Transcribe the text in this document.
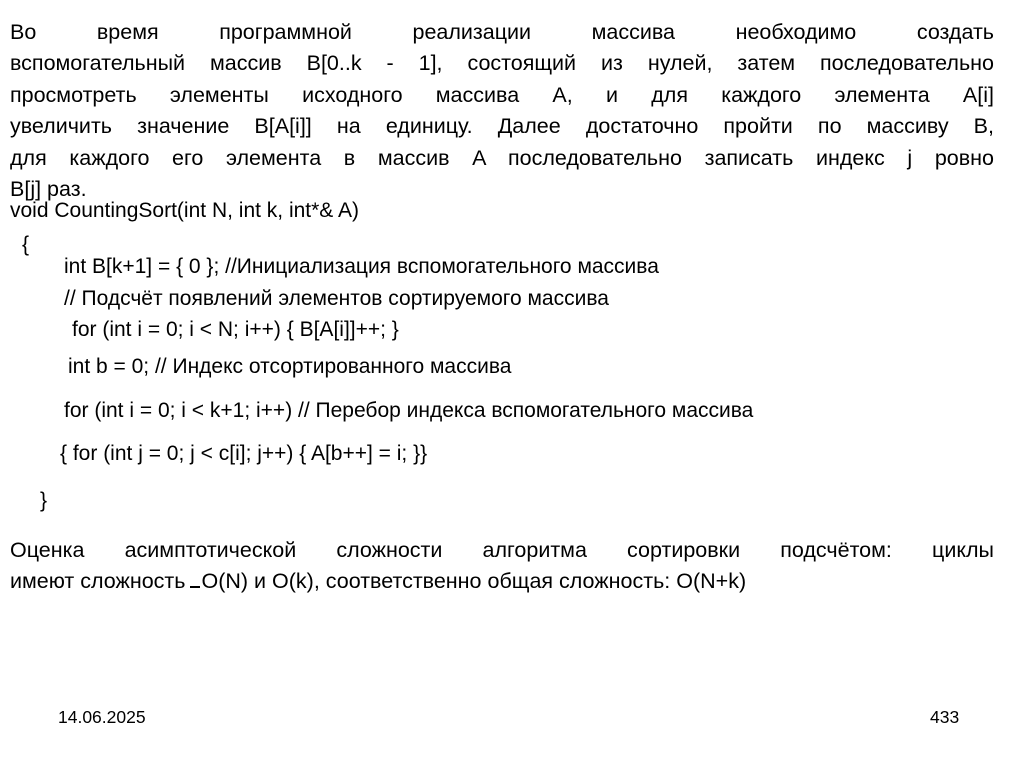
Во время программной реализации массива необходимо создать
вспомогательный массив B[0..k - 1], состоящий из нулей, затем последовательно
просмотреть элементы исходного массива A, и для каждого элемента A[i]
увеличить значение B[A[i]] на единицу. Далее достаточно пройти по массиву B,
для каждого его элемента в массив A последовательно записать индекс j ровно
B[j] раз.
void CountingSort(int N, int k, int*& A)
{
int B[k+1] = { 0 }; //Инициализация вспомогательного массива
// Подсчёт появлений элементов сортируемого массива
for (int i = 0; i < N; i++) { B[A[i]]++; }
int b = 0; // Индекс отсортированного массива
for (int i = 0; i < k+1; i++) // Перебор индекса вспомогательного массива
{ for (int j = 0; j < c[i]; j++) { A[b++] = i; }}
}
Оценка асимптотической сложности алгоритма сортировки подсчётом: циклы
имеют сложность O(N) и O(k), соответственно общая сложность: O(N+k)
14.06.2025	433
